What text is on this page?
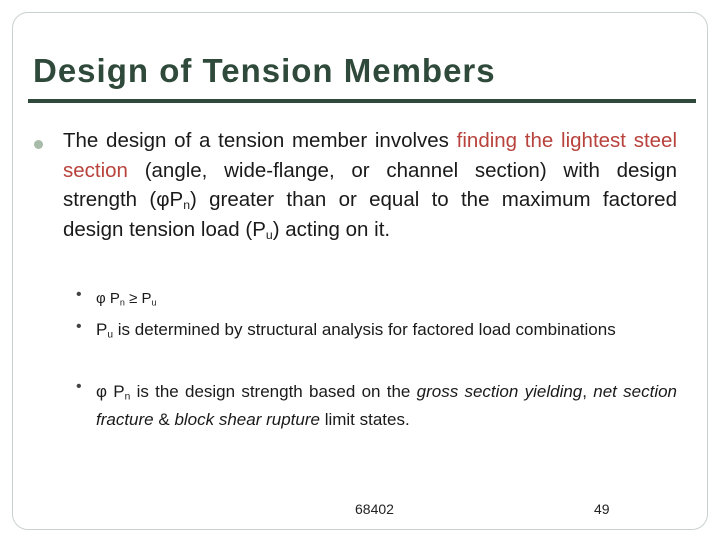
Design of Tension Members
The design of a tension member involves finding the lightest steel section (angle, wide-flange, or channel section) with design strength $(\varphi P_n)$ greater than or equal to the maximum factored design tension load $(P_u)$ acting on it.
• φ $P_n \ge P_u$
• $P_u$ is determined by structural analysis for factored load combinations
• φ $P_n$ is the design strength based on the gross section yielding, net section fracture & block shear rupture limit states.
68402	49
